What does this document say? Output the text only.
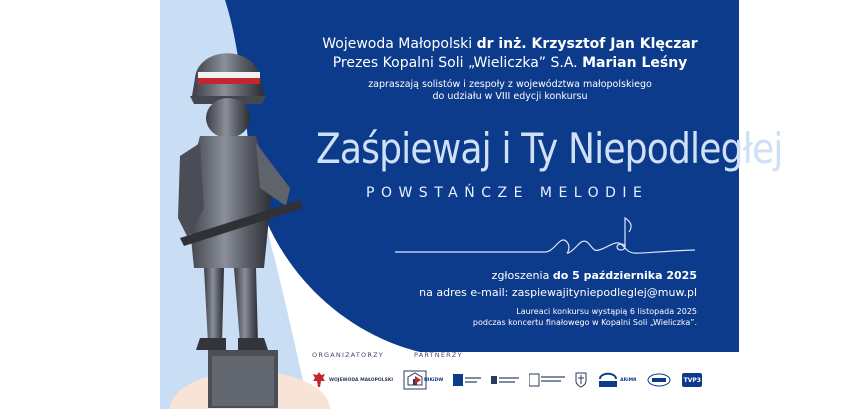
Wojewoda Małopolski dr inż. Krzysztof Jan Klęczar
Prezes Kopalni Soli „Wieliczka” S.A. Marian Leśny
zapraszają solistów i zespoły z województwa małopolskiego
do udziału w VIII edycji konkursu
Zaśpiewaj i Ty Niepodległej
POWSTAŃCZE MELODIE
zgłoszenia do 5 października 2025
na adres e-mail: zaspiewajityniepodleglej@muw.pl
Laureaci konkursu wystąpią 6 listopada 2025
podczas koncertu finałowego w Kopalni Soli „Wieliczka”.
ORGANIZATORZY
WOJEWODA MAŁOPOLSKI
PARTNERZY
NIKiDW	ARiMR	TVP3
